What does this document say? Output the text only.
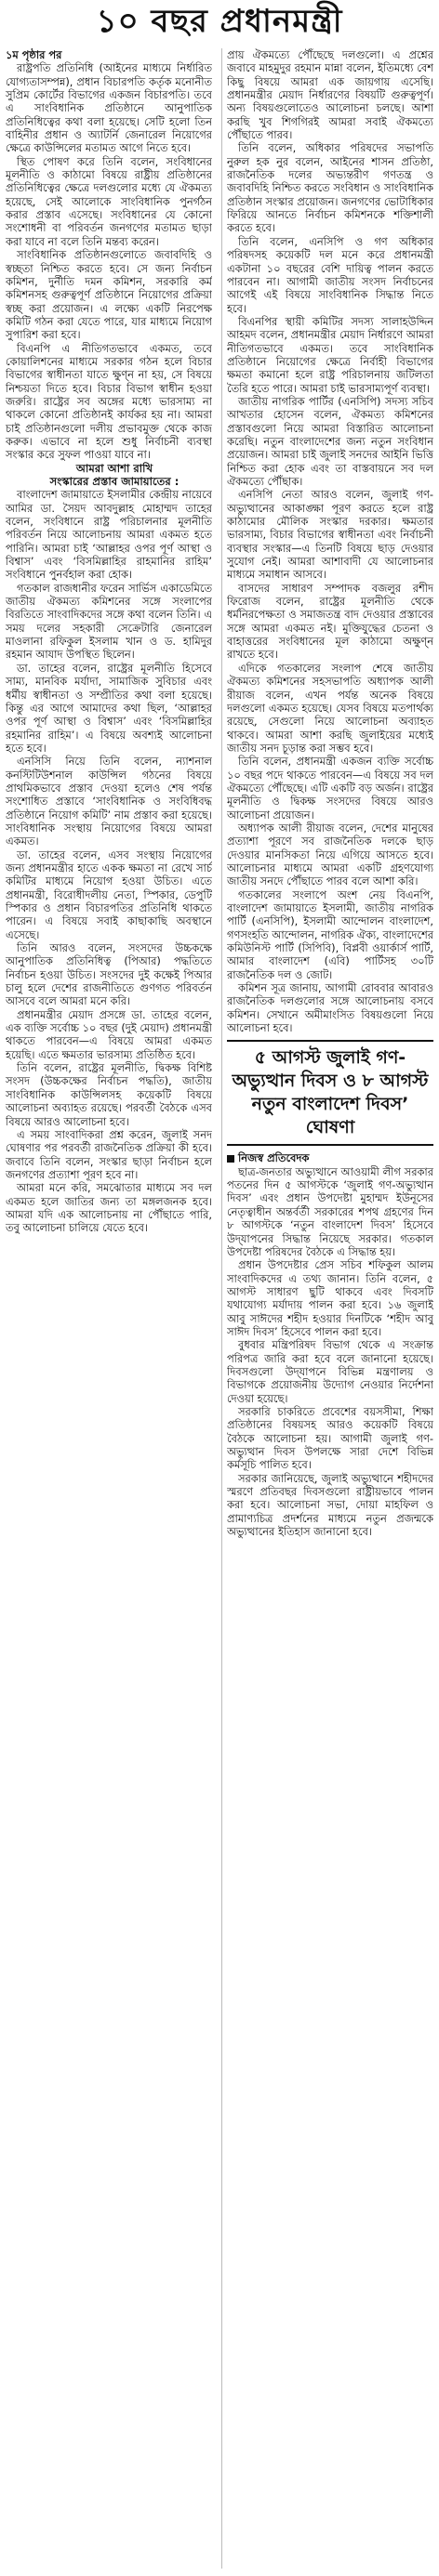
১০ বছর প্রধানমন্ত্রী

১ম পৃষ্ঠার পর

রাষ্ট্রপতি প্রতিনিধি (আইনের মাধ্যমে নির্ধারিত যোগ্যতাসম্পন্ন), প্রধান বিচারপতি কর্তৃক মনোনীত সুপ্রিম কোর্টের বিভাগের একজন বিচারপতি। তবে এ সাংবিধানিক প্রতিষ্ঠানে আনুপাতিক প্রতিনিধিত্বের কথা বলা হয়েছে। সেটি হলো তিন বাহিনীর প্রধান ও অ্যাটর্নি জেনারেল নিয়োগের ক্ষেত্রে কাউন্সিলের মতামত আগে নিতে হবে।

স্থিত পোষণ করে তিনি বলেন, সংবিধানের মূলনীতি ও কাঠামো বিষয়ে রাষ্ট্রীয় প্রতিষ্ঠানের প্রতিনিধিত্বের ক্ষেত্রে দলগুলোর মধ্যে যে ঐকমত্য হয়েছে, সেই আলোকে সাংবিধানিক পুনর্গঠন করার প্রস্তাব এসেছে। সংবিধানের যে কোনো সংশোধনী বা পরিবর্তন জনগণের মতামত ছাড়া করা যাবে না বলে তিনি মন্তব্য করেন।

সাংবিধানিক প্রতিষ্ঠানগুলোতে জবাবদিহি ও স্বচ্ছতা নিশ্চিত করতে হবে। সে জন্য নির্বাচন কমিশন, দুর্নীতি দমন কমিশন, সরকারি কর্ম কমিশনসহ গুরুত্বপূর্ণ প্রতিষ্ঠানে নিয়োগের প্রক্রিয়া স্বচ্ছ করা প্রয়োজন। এ লক্ষ্যে একটি নিরপেক্ষ কমিটি গঠন করা যেতে পারে, যার মাধ্যমে নিয়োগ সুপারিশ করা হবে।

বিএনপি এ নীতিগতভাবে একমত, তবে কোয়ালিশনের মাধ্যমে সরকার গঠন হলে বিচার বিভাগের স্বাধীনতা যাতে ক্ষুণ্ন না হয়, সে বিষয়ে নিশ্চয়তা দিতে হবে। বিচার বিভাগ স্বাধীন হওয়া জরুরি। রাষ্ট্রের সব অঙ্গের মধ্যে ভারসাম্য না থাকলে কোনো প্রতিষ্ঠানই কার্যকর হয় না। আমরা চাই প্রতিষ্ঠানগুলো দলীয় প্রভাবমুক্ত থেকে কাজ করুক। এভাবে না হলে শুধু নির্বাচনী ব্যবস্থা সংস্কার করে সুফল পাওয়া যাবে না।

আমরা আশা রাখি

সংস্কারের প্রস্তাব জামায়াতের :

বাংলাদেশ জামায়াতে ইসলামীর কেন্দ্রীয় নায়েবে আমির ডা. সৈয়দ আবদুল্লাহ মোহাম্মদ তাহের বলেন, সংবিধানে রাষ্ট্র পরিচালনার মূলনীতি পরিবর্তন নিয়ে আলোচনায় আমরা একমত হতে পারিনি। আমরা চাই ‘আল্লাহর ওপর পূর্ণ আস্থা ও বিশ্বাস’ এবং ‘বিসমিল্লাহির রাহমানির রাহিম’ সংবিধানে পুনর্বহাল করা হোক।

গতকাল রাজধানীর ফরেন সার্ভিস একাডেমিতে জাতীয় ঐকমত্য কমিশনের সঙ্গে সংলাপের বিরতিতে সাংবাদিকদের সঙ্গে কথা বলেন তিনি। এ সময় দলের সহকারী সেক্রেটারি জেনারেল মাওলানা রফিকুল ইসলাম খান ও ড. হামিদুর রহমান আযাদ উপস্থিত ছিলেন।

ডা. তাহের বলেন, রাষ্ট্রের মূলনীতি হিসেবে সাম্য, মানবিক মর্যাদা, সামাজিক সুবিচার এবং ধর্মীয় স্বাধীনতা ও সম্প্রীতির কথা বলা হয়েছে। কিন্তু এর আগে আমাদের কথা ছিল, ‘আল্লাহর ওপর পূর্ণ আস্থা ও বিশ্বাস’ এবং ‘বিসমিল্লাহির রহমানির রাহিম’। এ বিষয়ে অবশ্যই আলোচনা হতে হবে।

এনসিসি নিয়ে তিনি বলেন, ন্যাশনাল কনস্টিটিউশনাল কাউন্সিল গঠনের বিষয়ে প্রাথমিকভাবে প্রস্তাব দেওয়া হলেও শেষ পর্যন্ত সংশোধিত প্রস্তাবে ‘সাংবিধানিক ও সংবিধিবদ্ধ প্রতিষ্ঠানে নিয়োগ কমিটি’ নাম প্রস্তাব করা হয়েছে। সাংবিধানিক সংস্থায় নিয়োগের বিষয়ে আমরা একমত।

ডা. তাহের বলেন, এসব সংস্থায় নিয়োগের জন্য প্রধানমন্ত্রীর হাতে একক ক্ষমতা না রেখে সার্চ কমিটির মাধ্যমে নিয়োগ হওয়া উচিত। এতে প্রধানমন্ত্রী, বিরোধীদলীয় নেতা, স্পিকার, ডেপুটি স্পিকার ও প্রধান বিচারপতির প্রতিনিধি থাকতে পারেন। এ বিষয়ে সবাই কাছাকাছি অবস্থানে এসেছে।

তিনি আরও বলেন, সংসদের উচ্চকক্ষে আনুপাতিক প্রতিনিধিত্ব (পিআর) পদ্ধতিতে নির্বাচন হওয়া উচিত। সংসদের দুই কক্ষেই পিআর চালু হলে দেশের রাজনীতিতে গুণগত পরিবর্তন আসবে বলে আমরা মনে করি।

প্রধানমন্ত্রীর মেয়াদ প্রসঙ্গে ডা. তাহের বলেন, এক ব্যক্তি সর্বোচ্চ ১০ বছর (দুই মেয়াদ) প্রধানমন্ত্রী থাকতে পারবেন—এ বিষয়ে আমরা একমত হয়েছি। এতে ক্ষমতার ভারসাম্য প্রতিষ্ঠিত হবে।

তিনি বলেন, রাষ্ট্রের মূলনীতি, দ্বিকক্ষ বিশিষ্ট সংসদ (উচ্চকক্ষের নির্বাচন পদ্ধতি), জাতীয় সাংবিধানিক কাউন্সিলসহ কয়েকটি বিষয়ে আলোচনা অব্যাহত রয়েছে। পরবর্তী বৈঠকে এসব বিষয়ে আরও আলোচনা হবে।

এ সময় সাংবাদিকরা প্রশ্ন করেন, জুলাই সনদ ঘোষণার পর পরবর্তী রাজনৈতিক প্রক্রিয়া কী হবে। জবাবে তিনি বলেন, সংস্কার ছাড়া নির্বাচন হলে জনগণের প্রত্যাশা পূরণ হবে না।

আমরা মনে করি, সমঝোতার মাধ্যমে সব দল একমত হলে জাতির জন্য তা মঙ্গলজনক হবে। আমরা যদি এক আলোচনায় না পৌঁছাতে পারি, তবু আলোচনা চালিয়ে যেতে হবে।

প্রায় ঐকমত্যে পৌঁছেছে দলগুলো। এ প্রশ্নের জবাবে মাহমুদুর রহমান মান্না বলেন, ইতিমধ্যে বেশ কিছু বিষয়ে আমরা এক জায়গায় এসেছি। প্রধানমন্ত্রীর মেয়াদ নির্ধারণের বিষয়টি গুরুত্বপূর্ণ। অন্য বিষয়গুলোতেও আলোচনা চলছে। আশা করছি খুব শিগগিরই আমরা সবাই ঐকমত্যে পৌঁছাতে পারব।

তিনি বলেন, অধিকার পরিষদের সভাপতি নুরুল হক নুর বলেন, আইনের শাসন প্রতিষ্ঠা, রাজনৈতিক দলের অভ্যন্তরীণ গণতন্ত্র ও জবাবদিহি নিশ্চিত করতে সংবিধান ও সাংবিধানিক প্রতিষ্ঠান সংস্কার প্রয়োজন। জনগণের ভোটাধিকার ফিরিয়ে আনতে নির্বাচন কমিশনকে শক্তিশালী করতে হবে।

তিনি বলেন, এনসিপি ও গণ অধিকার পরিষদসহ কয়েকটি দল মনে করে প্রধানমন্ত্রী একটানা ১০ বছরের বেশি দায়িত্ব পালন করতে পারবেন না। আগামী জাতীয় সংসদ নির্বাচনের আগেই এই বিষয়ে সাংবিধানিক সিদ্ধান্ত নিতে হবে।

বিএনপির স্থায়ী কমিটির সদস্য সালাহউদ্দিন আহমদ বলেন, প্রধানমন্ত্রীর মেয়াদ নির্ধারণে আমরা নীতিগতভাবে একমত। তবে সাংবিধানিক প্রতিষ্ঠানে নিয়োগের ক্ষেত্রে নির্বাহী বিভাগের ক্ষমতা কমানো হলে রাষ্ট্র পরিচালনায় জটিলতা তৈরি হতে পারে। আমরা চাই ভারসাম্যপূর্ণ ব্যবস্থা।

জাতীয় নাগরিক পার্টির (এনসিপি) সদস্য সচিব আখতার হোসেন বলেন, ঐকমত্য কমিশনের প্রস্তাবগুলো নিয়ে আমরা বিস্তারিত আলোচনা করেছি। নতুন বাংলাদেশের জন্য নতুন সংবিধান প্রয়োজন। আমরা চাই জুলাই সনদের আইনি ভিত্তি নিশ্চিত করা হোক এবং তা বাস্তবায়নে সব দল ঐকমত্যে পৌঁছাক।

এনসিপি নেতা আরও বলেন, জুলাই গণ-অভ্যুত্থানের আকাঙ্ক্ষা পূরণ করতে হলে রাষ্ট্র কাঠামোর মৌলিক সংস্কার দরকার। ক্ষমতার ভারসাম্য, বিচার বিভাগের স্বাধীনতা এবং নির্বাচনী ব্যবস্থার সংস্কার—এ তিনটি বিষয়ে ছাড় দেওয়ার সুযোগ নেই। আমরা আশাবাদী যে আলোচনার মাধ্যমে সমাধান আসবে।

বাসদের সাধারণ সম্পাদক বজলুর রশীদ ফিরোজ বলেন, রাষ্ট্রের মূলনীতি থেকে ধর্মনিরপেক্ষতা ও সমাজতন্ত্র বাদ দেওয়ার প্রস্তাবের সঙ্গে আমরা একমত নই। মুক্তিযুদ্ধের চেতনা ও বাহাত্তরের সংবিধানের মূল কাঠামো অক্ষুণ্ন রাখতে হবে।

এদিকে গতকালের সংলাপ শেষে জাতীয় ঐকমত্য কমিশনের সহসভাপতি অধ্যাপক আলী রীয়াজ বলেন, এখন পর্যন্ত অনেক বিষয়ে দলগুলো একমত হয়েছে। যেসব বিষয়ে মতপার্থক্য রয়েছে, সেগুলো নিয়ে আলোচনা অব্যাহত থাকবে। আমরা আশা করছি জুলাইয়ের মধ্যেই জাতীয় সনদ চূড়ান্ত করা সম্ভব হবে।

তিনি বলেন, প্রধানমন্ত্রী একজন ব্যক্তি সর্বোচ্চ ১০ বছর পদে থাকতে পারবেন—এ বিষয়ে সব দল ঐকমত্যে পৌঁছেছে। এটি একটি বড় অর্জন। রাষ্ট্রের মূলনীতি ও দ্বিকক্ষ সংসদের বিষয়ে আরও আলোচনা প্রয়োজন।

অধ্যাপক আলী রীয়াজ বলেন, দেশের মানুষের প্রত্যাশা পূরণে সব রাজনৈতিক দলকে ছাড় দেওয়ার মানসিকতা নিয়ে এগিয়ে আসতে হবে। আলোচনার মাধ্যমে আমরা একটি গ্রহণযোগ্য জাতীয় সনদে পৌঁছাতে পারব বলে আশা করি।

গতকালের সংলাপে অংশ নেয় বিএনপি, বাংলাদেশ জামায়াতে ইসলামী, জাতীয় নাগরিক পার্টি (এনসিপি), ইসলামী আন্দোলন বাংলাদেশ, গণসংহতি আন্দোলন, নাগরিক ঐক্য, বাংলাদেশের কমিউনিস্ট পার্টি (সিপিবি), বিপ্লবী ওয়ার্কার্স পার্টি, আমার বাংলাদেশ (এবি) পার্টিসহ ৩০টি রাজনৈতিক দল ও জোট।

কমিশন সূত্র জানায়, আগামী রোববার আবারও রাজনৈতিক দলগুলোর সঙ্গে আলোচনায় বসবে কমিশন। সেখানে অমীমাংসিত বিষয়গুলো নিয়ে আলোচনা হবে।

৫ আগস্ট জুলাই গণ-অভ্যুত্থান দিবস ও ৮ আগস্ট নতুন বাংলাদেশ দিবস’ ঘোষণা

নিজস্ব প্রতিবেদক

ছাত্র-জনতার অভ্যুত্থানে আওয়ামী লীগ সরকার পতনের দিন ৫ আগস্টকে ‘জুলাই গণ-অভ্যুত্থান দিবস’ এবং প্রধান উপদেষ্টা মুহাম্মদ ইউনূসের নেতৃত্বাধীন অন্তর্বর্তী সরকারের শপথ গ্রহণের দিন ৮ আগস্টকে ‘নতুন বাংলাদেশ দিবস’ হিসেবে উদ্‌যাপনের সিদ্ধান্ত নিয়েছে সরকার। গতকাল উপদেষ্টা পরিষদের বৈঠকে এ সিদ্ধান্ত হয়।

প্রধান উপদেষ্টার প্রেস সচিব শফিকুল আলম সাংবাদিকদের এ তথ্য জানান। তিনি বলেন, ৫ আগস্ট সাধারণ ছুটি থাকবে এবং দিবসটি যথাযোগ্য মর্যাদায় পালন করা হবে। ১৬ জুলাই আবু সাঈদের শহীদ হওয়ার দিনটিকে ‘শহীদ আবু সাঈদ দিবস’ হিসেবে পালন করা হবে।

বুধবার মন্ত্রিপরিষদ বিভাগ থেকে এ সংক্রান্ত পরিপত্র জারি করা হবে বলে জানানো হয়েছে। দিবসগুলো উদ্‌যাপনে বিভিন্ন মন্ত্রণালয় ও বিভাগকে প্রয়োজনীয় উদ্যোগ নেওয়ার নির্দেশনা দেওয়া হয়েছে।

সরকারি চাকরিতে প্রবেশের বয়সসীমা, শিক্ষা প্রতিষ্ঠানের বিষয়সহ আরও কয়েকটি বিষয়ে বৈঠকে আলোচনা হয়। আগামী জুলাই গণ-অভ্যুত্থান দিবস উপলক্ষে সারা দেশে বিভিন্ন কর্মসূচি পালিত হবে।

সরকার জানিয়েছে, জুলাই অভ্যুত্থানে শহীদদের স্মরণে প্রতিবছর দিবসগুলো রাষ্ট্রীয়ভাবে পালন করা হবে। আলোচনা সভা, দোয়া মাহফিল ও প্রামাণ্যচিত্র প্রদর্শনের মাধ্যমে নতুন প্রজন্মকে অভ্যুত্থানের ইতিহাস জানানো হবে।
